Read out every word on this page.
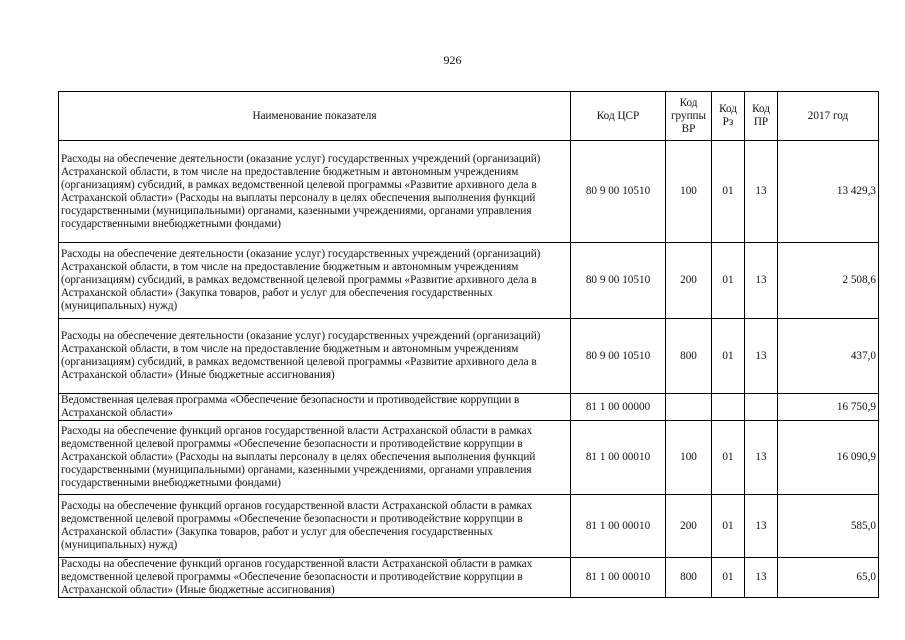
926
Наименование показателя	Код ЦСР	Код группы ВР	Код Рз	Код ПР	2017 год
Расходы на обеспечение деятельности (оказание услуг) государственных учреждений (организаций) Астраханской области, в том числе на предоставление бюджетным и автономным учреждениям (организациям) субсидий, в рамках ведомственной целевой программы «Развитие архивного дела в Астраханской области» (Расходы на выплаты персоналу в целях обеспечения выполнения функций государственными (муниципальными) органами, казенными учреждениями, органами управления государственными внебюджетными фондами)	80 9 00 10510	100	01	13	13 429,3
Расходы на обеспечение деятельности (оказание услуг) государственных учреждений (организаций) Астраханской области, в том числе на предоставление бюджетным и автономным учреждениям (организациям) субсидий, в рамках ведомственной целевой программы «Развитие архивного дела в Астраханской области» (Закупка товаров, работ и услуг для обеспечения государственных (муниципальных) нужд)	80 9 00 10510	200	01	13	2 508,6
Расходы на обеспечение деятельности (оказание услуг) государственных учреждений (организаций) Астраханской области, в том числе на предоставление бюджетным и автономным учреждениям (организациям) субсидий, в рамках ведомственной целевой программы «Развитие архивного дела в Астраханской области» (Иные бюджетные ассигнования)	80 9 00 10510	800	01	13	437,0
Ведомственная целевая программа «Обеспечение безопасности и противодействие коррупции в Астраханской области»	81 1 00 00000				16 750,9
Расходы на обеспечение функций органов государственной власти Астраханской области в рамках ведомственной целевой программы «Обеспечение безопасности и противодействие коррупции в Астраханской области» (Расходы на выплаты персоналу в целях обеспечения выполнения функций государственными (муниципальными) органами, казенными учреждениями, органами управления государственными внебюджетными фондами)	81 1 00 00010	100	01	13	16 090,9
Расходы на обеспечение функций органов государственной власти Астраханской области в рамках ведомственной целевой программы «Обеспечение безопасности и противодействие коррупции в Астраханской области» (Закупка товаров, работ и услуг для обеспечения государственных (муниципальных) нужд)	81 1 00 00010	200	01	13	585,0
Расходы на обеспечение функций органов государственной власти Астраханской области в рамках ведомственной целевой программы «Обеспечение безопасности и противодействие коррупции в Астраханской области» (Иные бюджетные ассигнования)	81 1 00 00010	800	01	13	65,0
